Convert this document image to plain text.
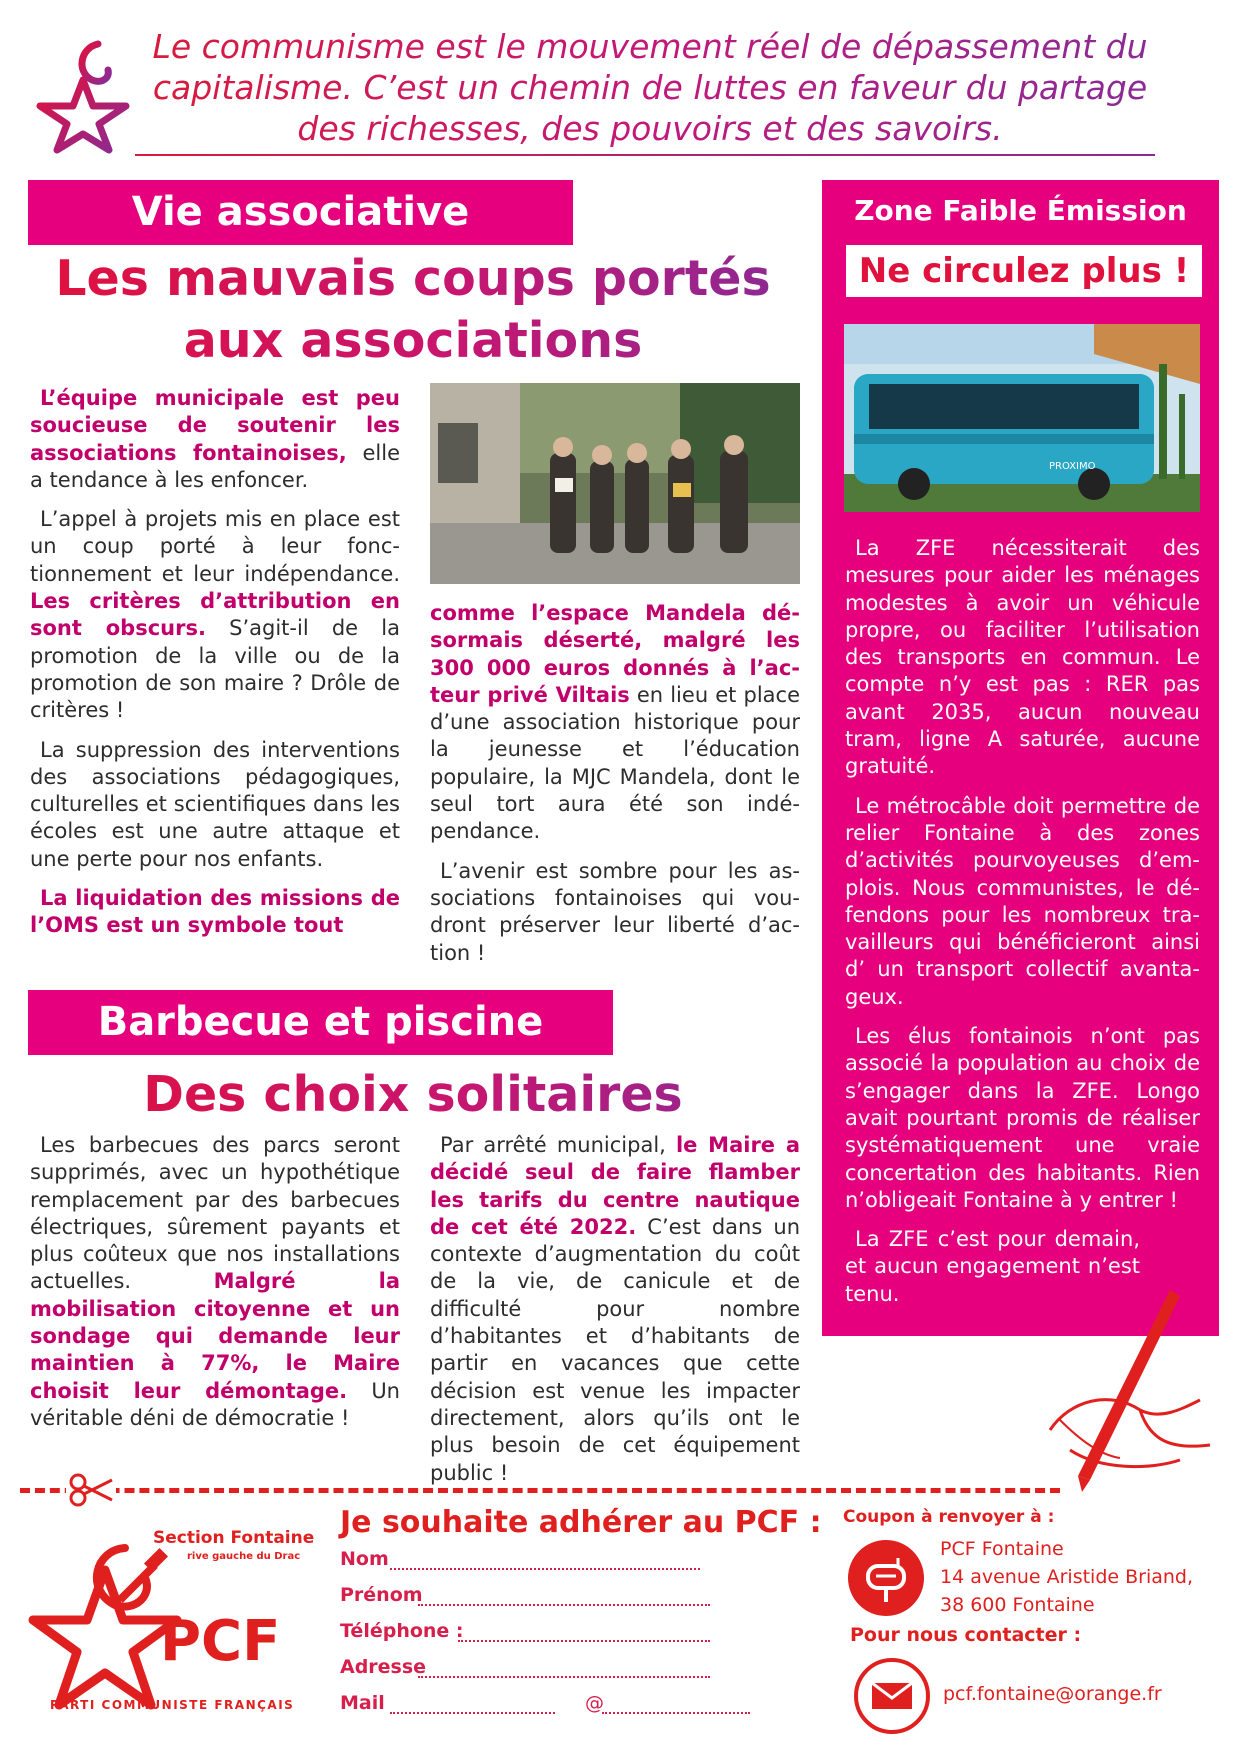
Le communisme est le mouvement réel de dépassement du capitalisme. C’est un chemin de luttes en faveur du partage des richesses, des pouvoirs et des savoirs.
Vie associative
Les mauvais coups portés
aux associations

L’équipe municipale est peu soucieuse de soutenir les associations fontainoises, elle a tendance à les enfoncer.

L’appel à projets mis en place est un coup porté à leur fonctionnement et leur indépendance. Les critères d’attribution en sont obscurs. S’agit-il de la promotion de la ville ou de la promotion de son maire ? Drôle de critères !

La suppression des interventions des associations pédagogiques, culturelles et scientifiques dans les écoles est une autre attaque et une perte pour nos enfants.

La liquidation des missions de l’OMS est un symbole tout

comme l’espace Mandela désormais déserté, malgré les 300 000 euros donnés à l’acteur privé Viltais en lieu et place d’une association historique pour la jeunesse et l’éducation populaire, la MJC Mandela, dont le seul tort aura été son indépendance.

L’avenir est sombre pour les associations fontainoises qui voudront préserver leur liberté d’action !

Barbecue et piscine
Des choix solitaires

Les barbecues des parcs seront supprimés, avec un hypothétique remplacement par des barbecues électriques, sûrement payants et plus coûteux que nos installations actuelles. Malgré la mobilisation citoyenne et un sondage qui demande leur maintien à 77%, le Maire choisit leur démontage. Un véritable déni de démocratie !

Par arrêté municipal, le Maire a décidé seul de faire flamber les tarifs du centre nautique de cet été 2022. C’est dans un contexte d’augmentation du coût de la vie, de canicule et de difficulté pour nombre d’habitantes et d’habitants de partir en vacances que cette décision est venue les impacter directement, alors qu’ils ont le plus besoin de cet équipement public !

Zone Faible Émission
Ne circulez plus !
PROXIMO

La ZFE nécessiterait des mesures pour aider les ménages modestes à avoir un véhicule propre, ou faciliter l’utilisation des transports en commun. Le compte n’y est pas : RER pas avant 2035, aucun nouveau tram, ligne A saturée, aucune gratuité.

Le métrocâble doit permettre de relier Fontaine à des zones d’activités pourvoyeuses d’emplois. Nous communistes, le défendons pour les nombreux travailleurs qui bénéficieront ainsi d’ un transport collectif avantageux.

Les élus fontainois n’ont pas associé la population au choix de s’engager dans la ZFE. Longo avait pourtant promis de réaliser systématiquement une vraie concertation des habitants. Rien n’obligeait Fontaine à y entrer !

La ZFE c’est pour demain, et aucun engagement n’est tenu.

Section Fontaine
rive gauche du Drac
PCF
PARTI COMMUNISTE FRANÇAIS
Je souhaite adhérer au PCF :
Nom
Prénom
Téléphone :
Adresse
Mail	@
Coupon à renvoyer à :
PCF Fontaine
14 avenue Aristide Briand,
38 600 Fontaine
Pour nous contacter :
pcf.fontaine@orange.fr
